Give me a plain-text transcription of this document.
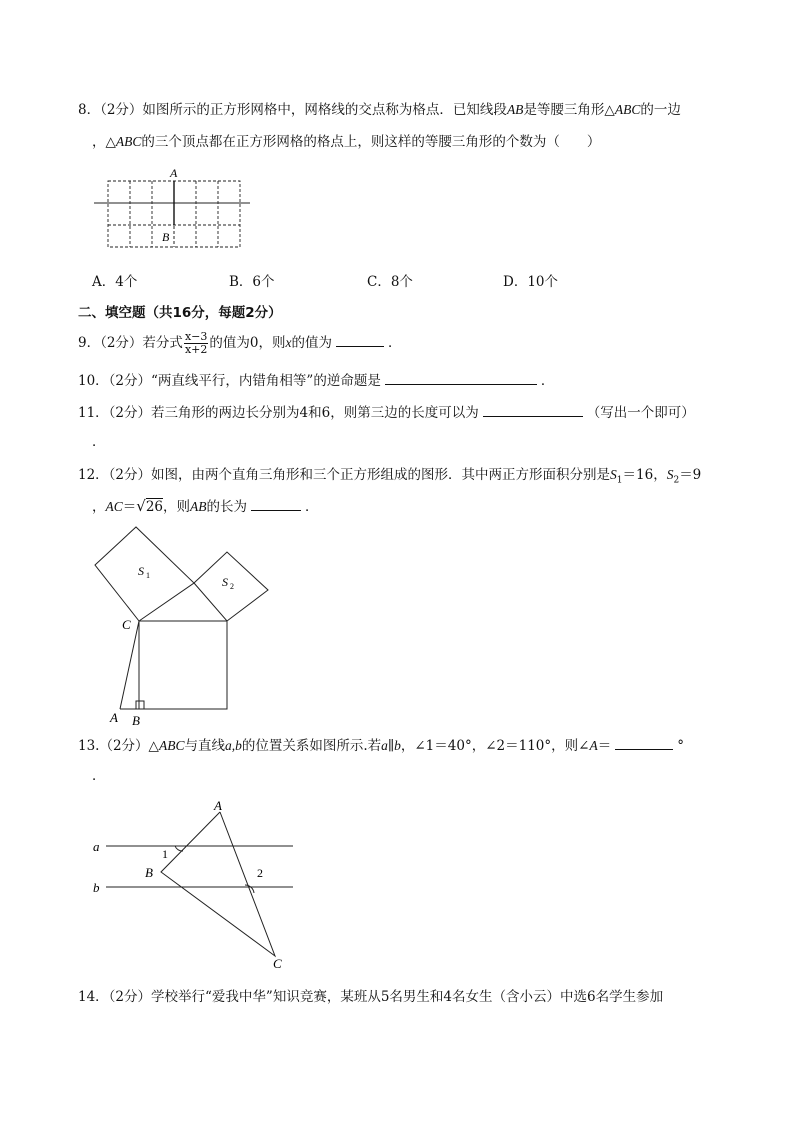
8．（2分）如图所示的正方形网格中，网格线的交点称为格点．已知线段AB是等腰三角形△ABC的一边
，△ABC的三个顶点都在正方形网格的格点上，则这样的等腰三角形的个数为（　　）
A
B
A．4个	B．6个	C．8个	D．10个
二、填空题（共16分，每题2分）
9．（2分）若分式 $\frac{x-3}{x+2}$ 的值为0，则x的值为	．
10．（2分）“两直线平行，内错角相等”的逆命题是	．
11．（2分）若三角形的两边长分别为4和6，则第三边的长度可以为	（写出一个即可）
．
12．（2分）如图，由两个直角三角形和三个正方形组成的图形．其中两正方形面积分别是$S_1=16$，$S_2=9$
，AC＝√26，则AB的长为	．
S 1	S 2
C
A B
13.（2分）△ABC与直线a,b的位置关系如图所示.若a∥b，∠1＝40°，∠2＝110°，则∠A＝	°
．
A
a	1
B	2
b
C
14．（2分）学校举行“爱我中华”知识竞赛，某班从5名男生和4名女生（含小云）中选6名学生参加
